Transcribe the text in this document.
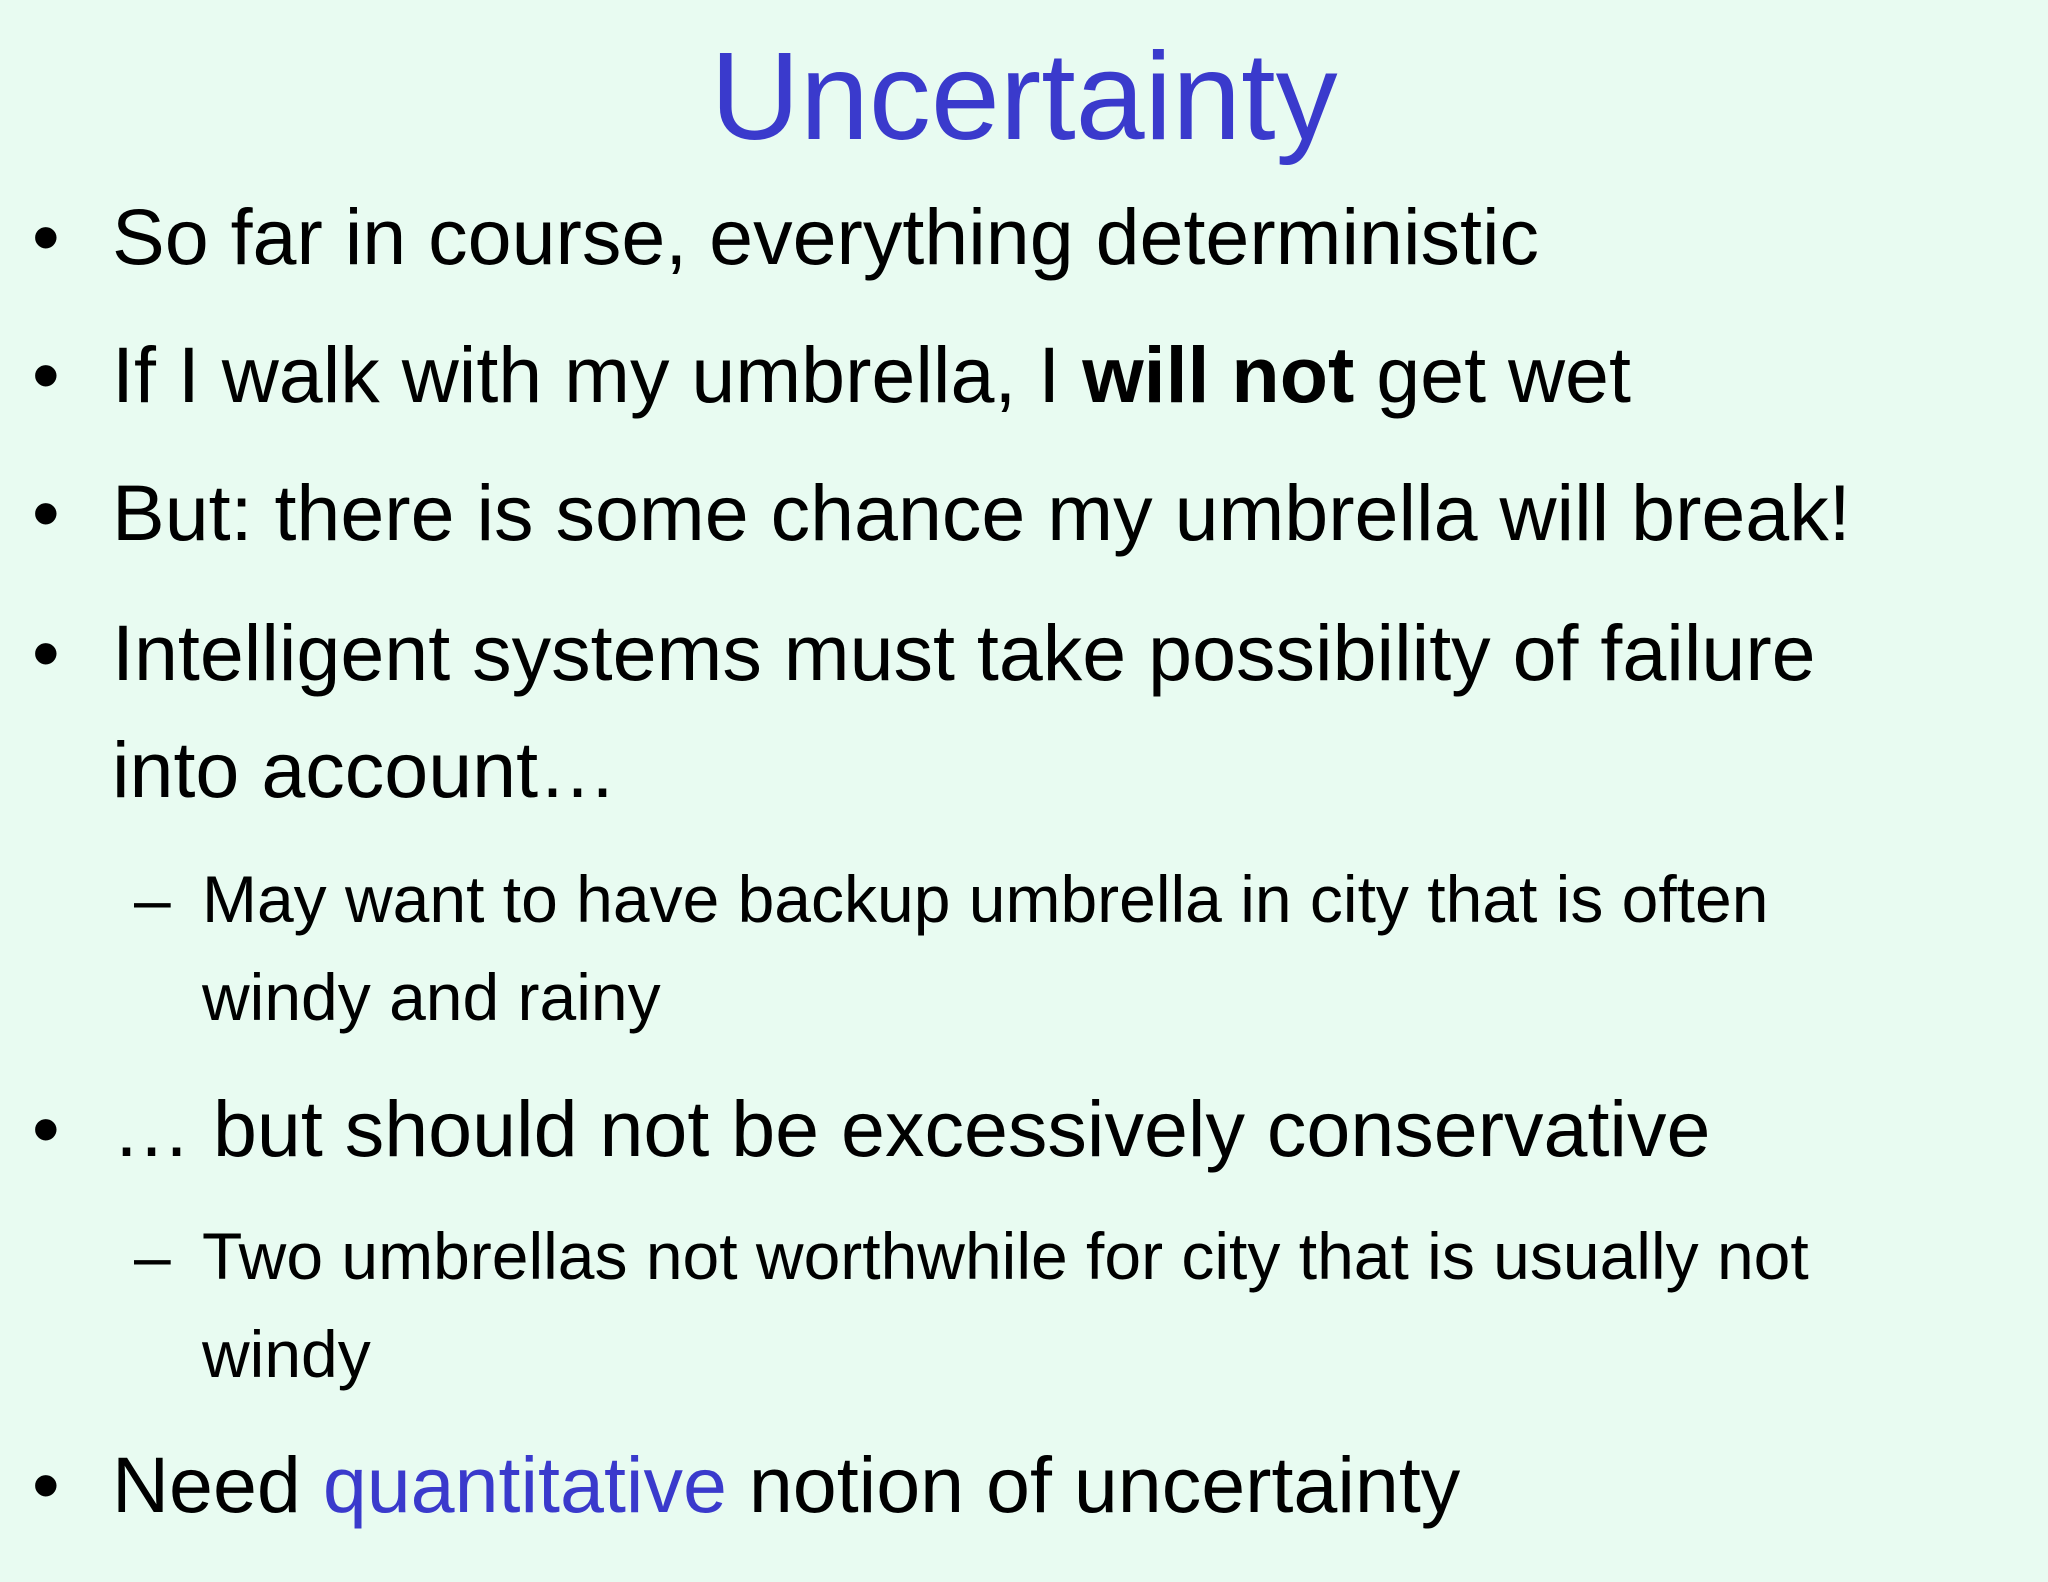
Uncertainty
• So far in course, everything deterministic
• If I walk with my umbrella, I will not get wet
• But: there is some chance my umbrella will break!
• Intelligent systems must take possibility of failure
into account…
– May want to have backup umbrella in city that is often
windy and rainy
• … but should not be excessively conservative
– Two umbrellas not worthwhile for city that is usually not
windy
• Need quantitative notion of uncertainty
